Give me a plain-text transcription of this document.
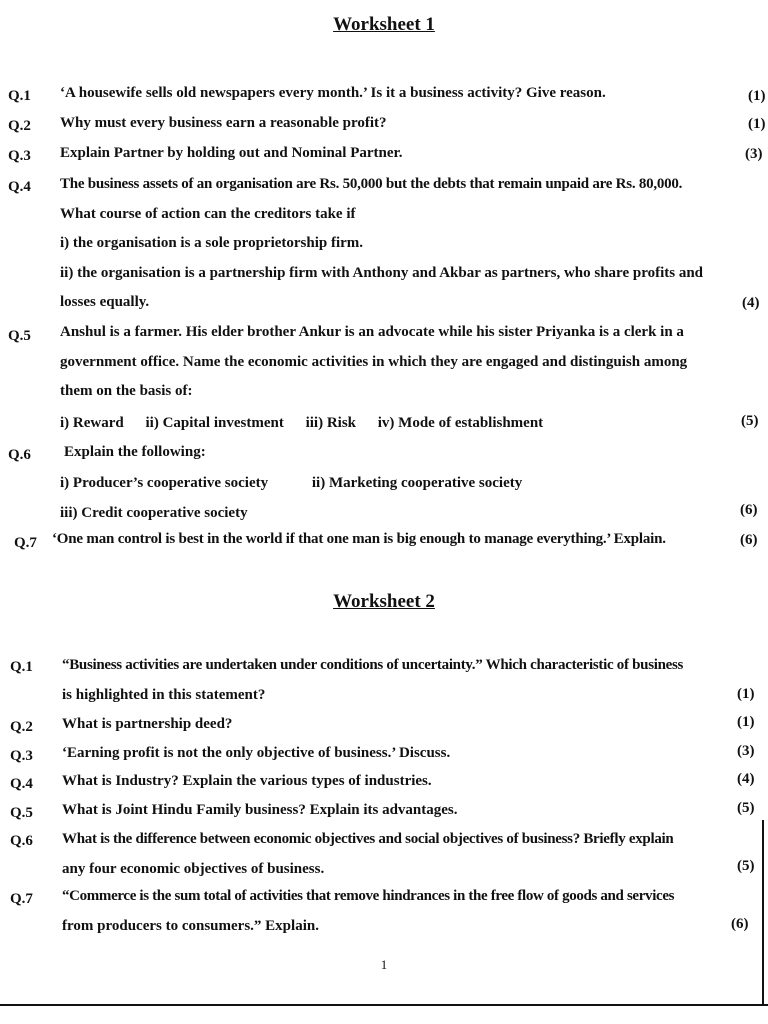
Worksheet 1
Q.1 ‘A housewife sells old newspapers every month.’ Is it a business activity? Give reason.	(1)
Q.2 Why must every business earn a reasonable profit?	(1)
Q.3 Explain Partner by holding out and Nominal Partner.	(3)
Q.4 The business assets of an organisation are Rs. 50,000 but the debts that remain unpaid are Rs. 80,000.
What course of action can the creditors take if
i) the organisation is a sole proprietorship firm.
ii) the organisation is a partnership firm with Anthony and Akbar as partners, who share profits and
losses equally.	(4)
Q.5 Anshul is a farmer. His elder brother Ankur is an advocate while his sister Priyanka is a clerk in a
government office. Name the economic activities in which they are engaged and distinguish among
them on the basis of:
i) Reward ii) Capital investment iii) Risk iv) Mode of establishment	(5)
Q.6 Explain the following:
i) Producer’s cooperative society	ii) Marketing cooperative society
iii) Credit cooperative society	(6)
Q.7 ‘One man control is best in the world if that one man is big enough to manage everything.’ Explain.	(6)
Worksheet 2
Q.1 “Business activities are undertaken under conditions of uncertainty.” Which characteristic of business
is highlighted in this statement?	(1)
Q.2 What is partnership deed?	(1)
Q.3 ‘Earning profit is not the only objective of business.’ Discuss.	(3)
Q.4 What is Industry? Explain the various types of industries.	(4)
Q.5 What is Joint Hindu Family business? Explain its advantages.	(5)
Q.6 What is the difference between economic objectives and social objectives of business? Briefly explain
any four economic objectives of business.	(5)
Q.7 “Commerce is the sum total of activities that remove hindrances in the free flow of goods and services
from producers to consumers.” Explain.	(6)
1
